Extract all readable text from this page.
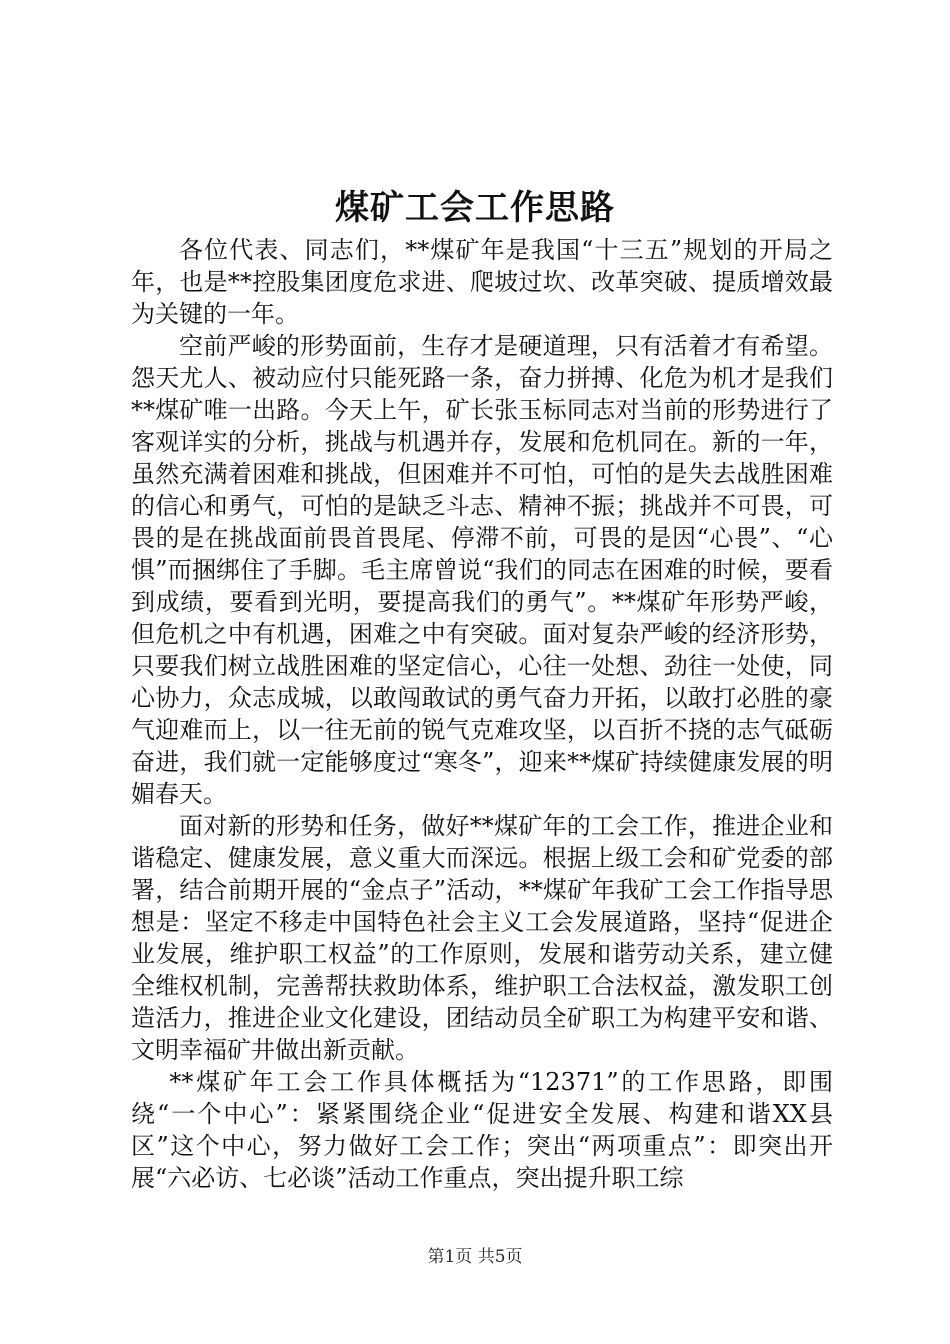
煤矿工会工作思路

各位代表、同志们，**煤矿年是我国“十三五”规划的开局之年，也是**控股集团度危求进、爬坡过坎、改革突破、提质增效最为关键的一年。

空前严峻的形势面前，生存才是硬道理，只有活着才有希望。怨天尤人、被动应付只能死路一条，奋力拼搏、化危为机才是我们**煤矿唯一出路。今天上午，矿长张玉标同志对当前的形势进行了客观详实的分析，挑战与机遇并存，发展和危机同在。新的一年，虽然充满着困难和挑战，但困难并不可怕，可怕的是失去战胜困难的信心和勇气，可怕的是缺乏斗志、精神不振；挑战并不可畏，可畏的是在挑战面前畏首畏尾、停滞不前，可畏的是因“心畏”、“心惧”而捆绑住了手脚。毛主席曾说“我们的同志在困难的时候，要看到成绩，要看到光明，要提高我们的勇气”。**煤矿年形势严峻，但危机之中有机遇，困难之中有突破。面对复杂严峻的经济形势，只要我们树立战胜困难的坚定信心，心往一处想、劲往一处使，同心协力，众志成城，以敢闯敢试的勇气奋力开拓，以敢打必胜的豪气迎难而上，以一往无前的锐气克难攻坚，以百折不挠的志气砥砺奋进，我们就一定能够度过“寒冬”，迎来**煤矿持续健康发展的明媚春天。

面对新的形势和任务，做好**煤矿年的工会工作，推进企业和谐稳定、健康发展，意义重大而深远。根据上级工会和矿党委的部署，结合前期开展的“金点子”活动，**煤矿年我矿工会工作指导思想是：坚定不移走中国特色社会主义工会发展道路，坚持“促进企业发展，维护职工权益”的工作原则，发展和谐劳动关系，建立健全维权机制，完善帮扶救助体系，维护职工合法权益，激发职工创造活力，推进企业文化建设，团结动员全矿职工为构建平安和谐、文明幸福矿井做出新贡献。

**煤矿年工会工作具体概括为“12371”的工作思路，即围绕“一个中心”：紧紧围绕企业“促进安全发展、构建和谐XX县区”这个中心，努力做好工会工作；突出“两项重点”：即突出开展“六必访、七必谈”活动工作重点，突出提升职工综

第1页 共5页
